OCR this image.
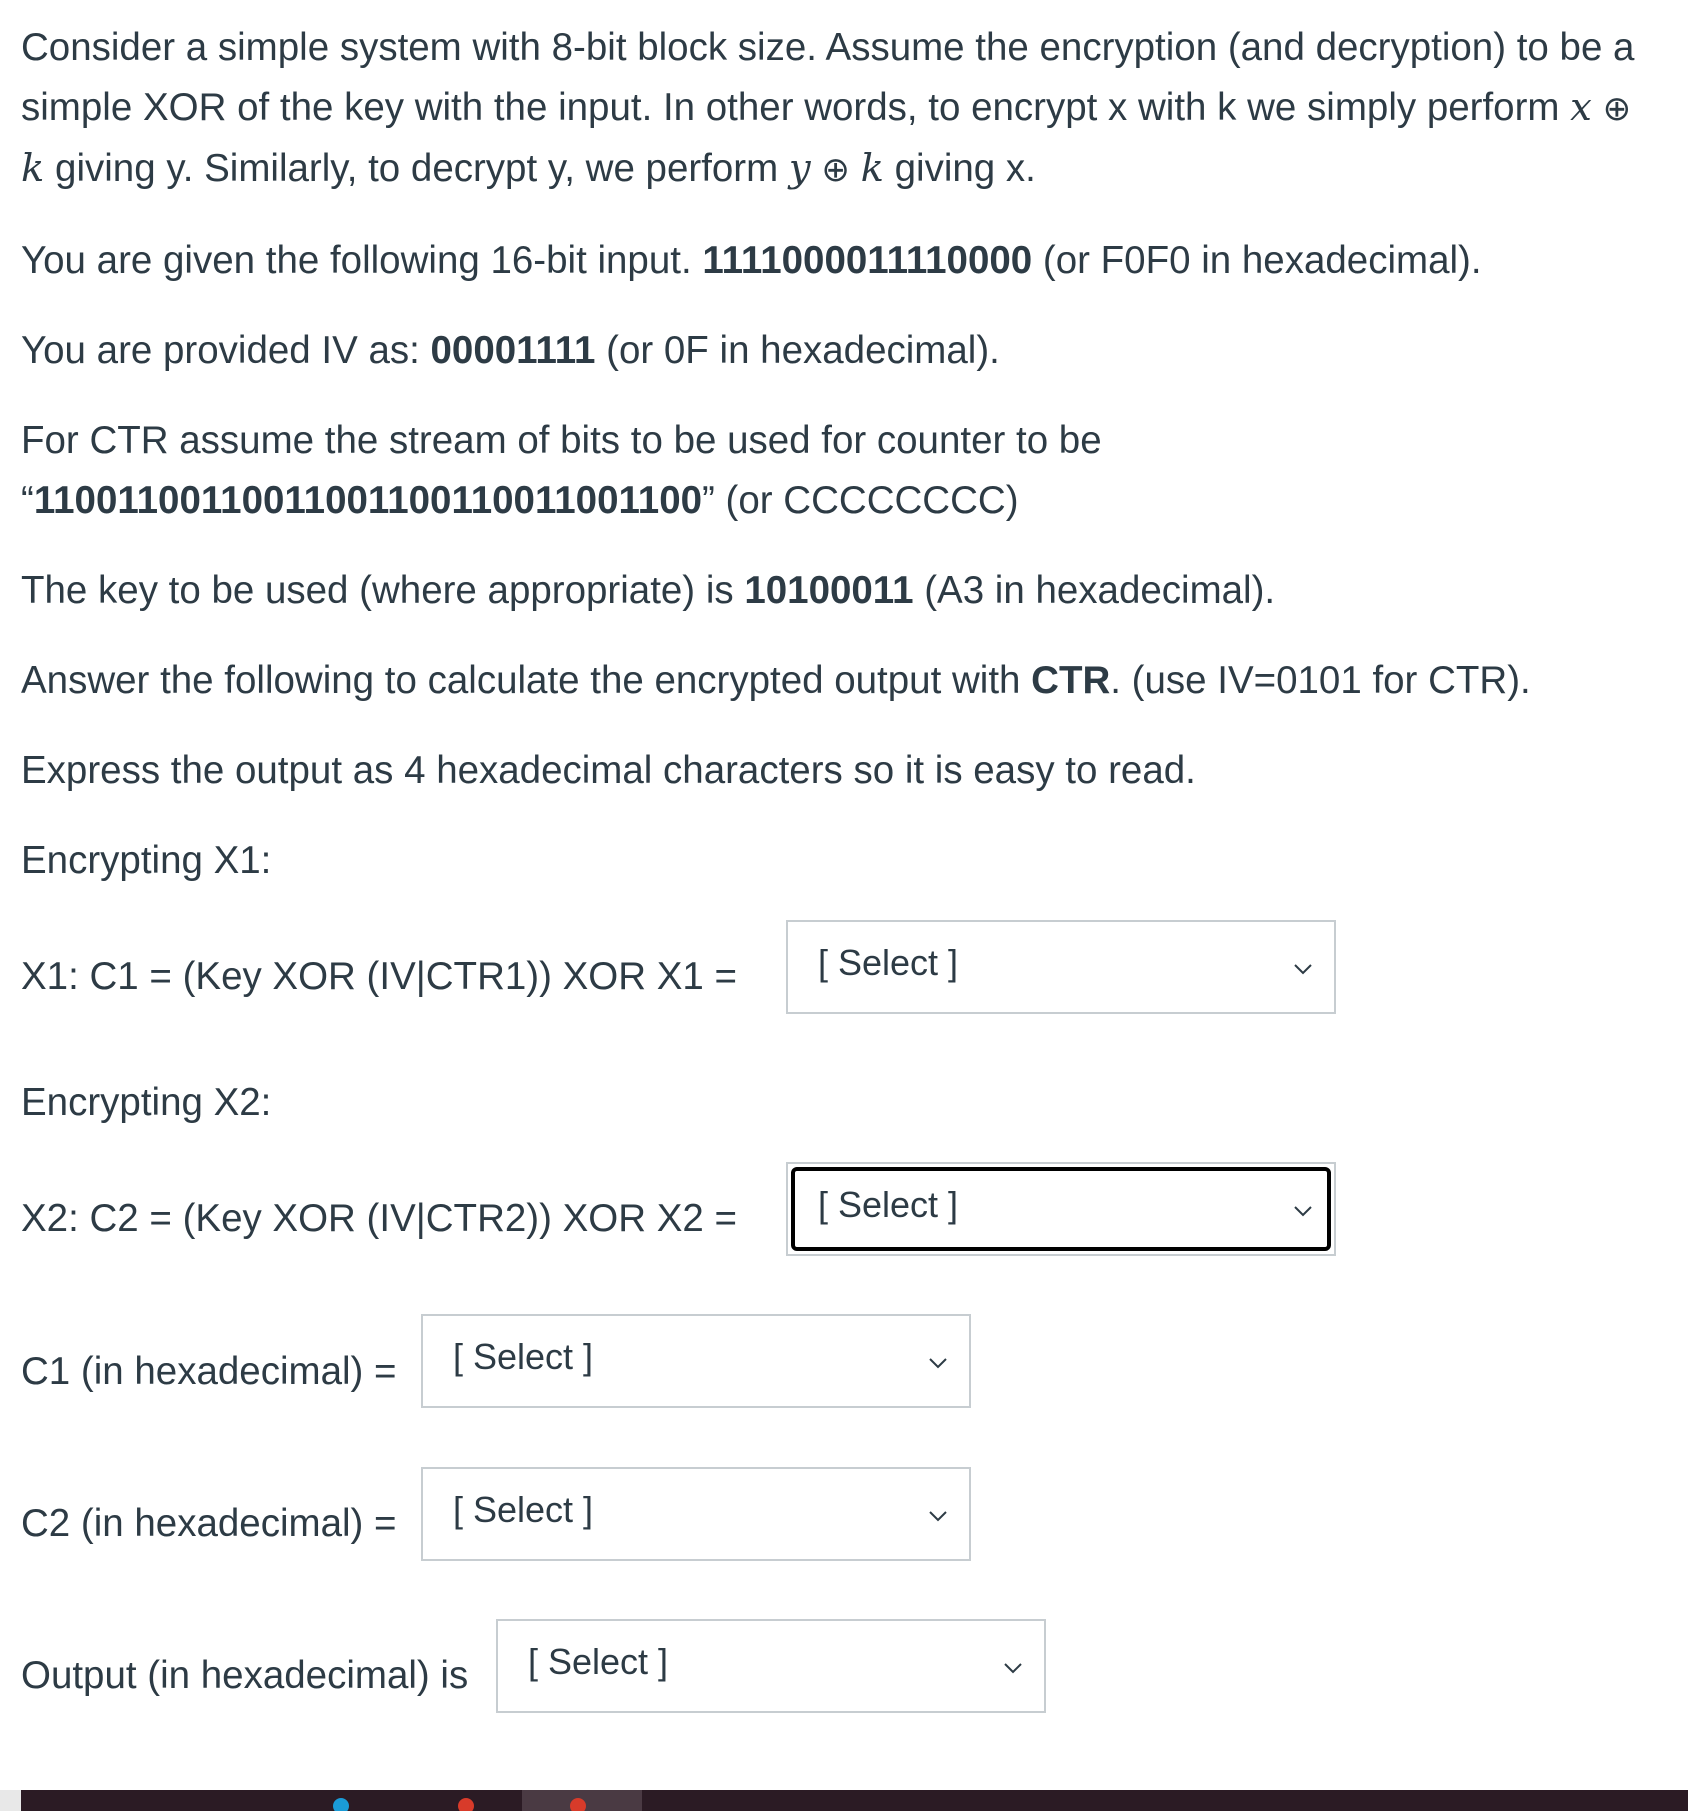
Consider a simple system with 8-bit block size. Assume the encryption (and decryption) to be a simple XOR of the key with the input. In other words, to encrypt x with k we simply perform x ⊕ k giving y. Similarly, to decrypt y, we perform y ⊕ k giving x.

You are given the following 16-bit input. 1111000011110000 (or F0F0 in hexadecimal).

You are provided IV as: 00001111 (or 0F in hexadecimal).

For CTR assume the stream of bits to be used for counter to be
“11001100110011001100110011001100” (or CCCCCCCC)

The key to be used (where appropriate) is 10100011 (A3 in hexadecimal).

Answer the following to calculate the encrypted output with CTR. (use IV=0101 for CTR).

Express the output as 4 hexadecimal characters so it is easy to read.

Encrypting X1:

Encrypting X2:

X1: C1 = (Key XOR (IV|CTR1)) XOR X1 = [ Select ]
X2: C2 = (Key XOR (IV|CTR2)) XOR X2 = [ Select ]
C1 (in hexadecimal) = [ Select ]
C2 (in hexadecimal) = [ Select ]
Output (in hexadecimal) is [ Select ]
